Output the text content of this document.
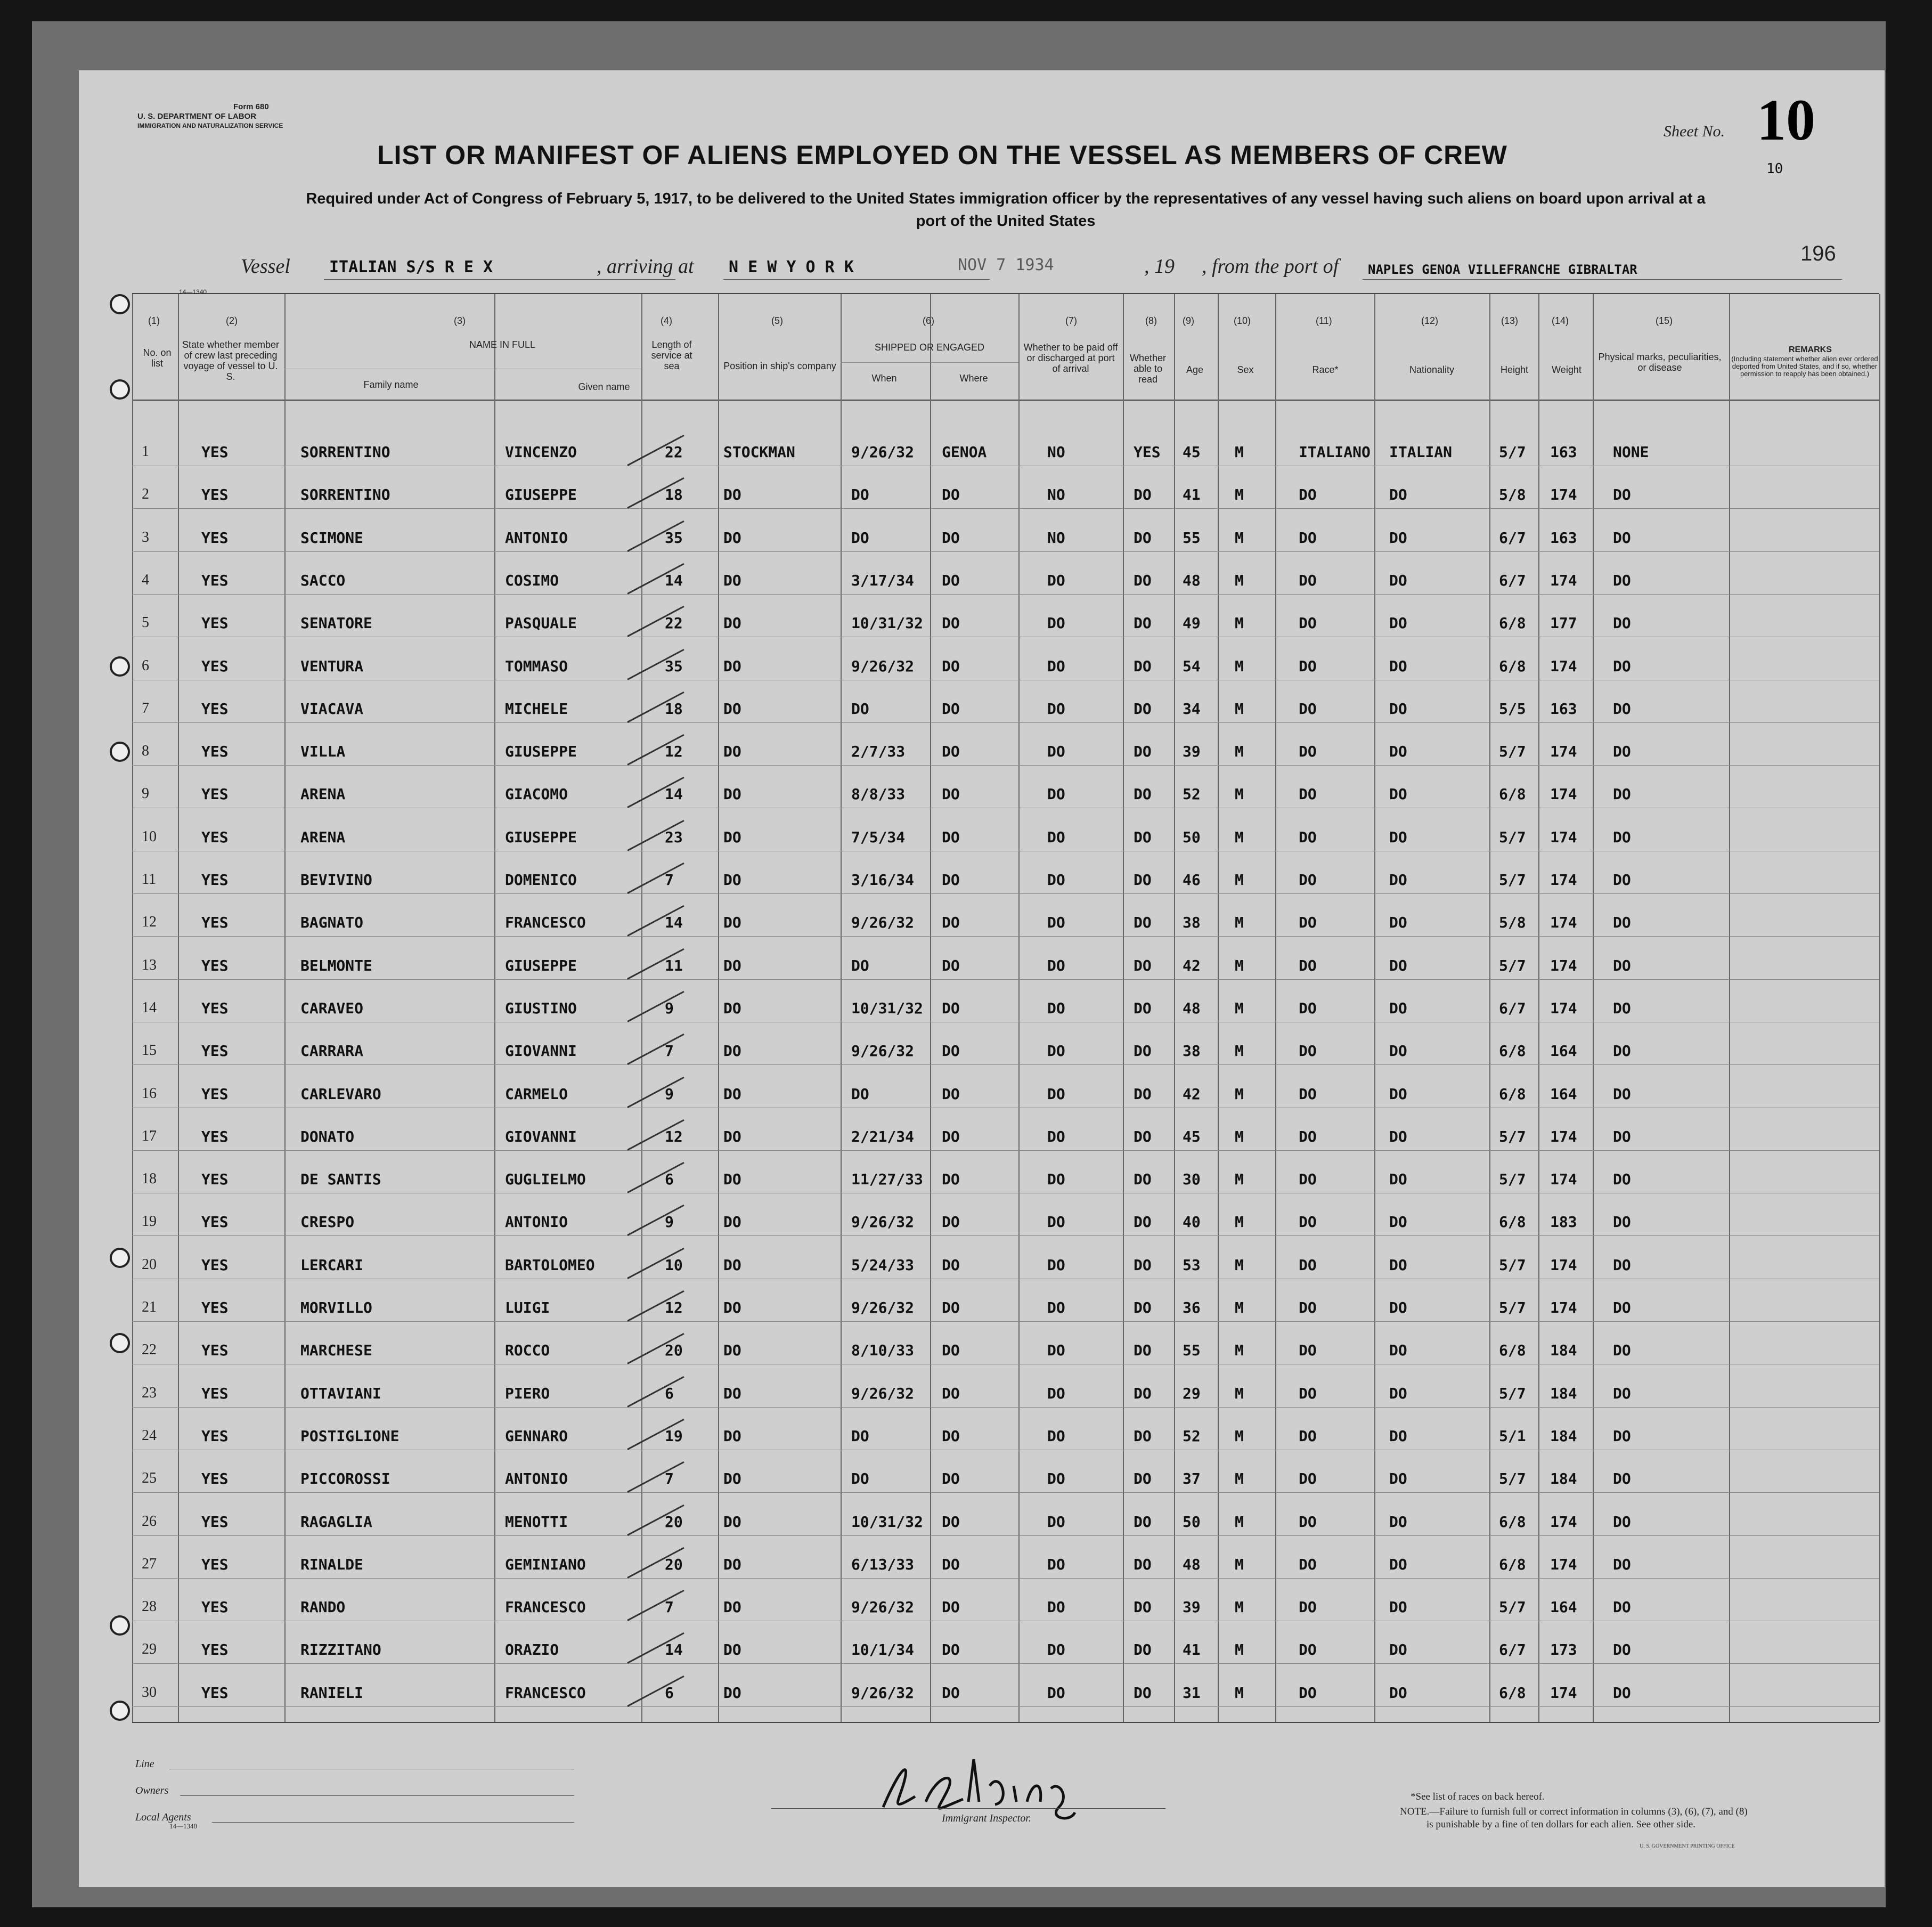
Form 680
U. S. DEPARTMENT OF LABOR
IMMIGRATION AND NATURALIZATION SERVICE	Sheet No. 10
10
LIST OR MANIFEST OF ALIENS EMPLOYED ON THE VESSEL AS MEMBERS OF CREW
Required under Act of Congress of February 5, 1917, to be delivered to the United States immigration officer by the representatives of any vessel having such aliens on board upon arrival at a
port of the United States
Vessel ITALIAN S/S R E X	, arriving at N E W Y O R K	NOV 7 1934	, 19 , from the port of NAPLES GENOA VILLEFRANCHE GIBRALTAR
196
14—1340
(1)
No. on list
(2)
State whether member of crew last preceding voyage of vessel to U. S.
(3)
NAME IN FULL
Family name	Given name
(4)
Length of service at sea
(5)
Position in ship's company
(6)
SHIPPED OR ENGAGED
When	Where
(7)
Whether to be paid off or discharged at port of arrival
(8)
Whether able to read
(9)
Age
(10)
Sex
(11)
Race*
(12)
Nationality
(13)
Height
(14)
Weight
(15)
Physical marks, peculiarities, or disease
REMARKS
(Including statement whether alien ever ordered deported from United States, and if so, whether permission to reapply has been obtained.)
1	YES	SORRENTINO	VINCENZO	22	STOCKMAN	9/26/32 GENOA	NO	YES 45 M	ITALIANO ITALIAN	5/7 163 NONE
2	YES	SORRENTINO	GIUSEPPE	18	DO	DO	DO	NO	DO 41 M	DO	DO	5/8 174 DO
3	YES	SCIMONE	ANTONIO	35	DO	DO	DO	NO	DO 55 M	DO	DO	6/7 163 DO
4	YES	SACCO	COSIMO	14	DO	3/17/34 DO	DO	DO 48 M	DO	DO	6/7 174 DO
5	YES	SENATORE	PASQUALE	22	DO	10/31/32 DO	DO	DO 49 M	DO	DO	6/8 177 DO
6	YES	VENTURA	TOMMASO	35	DO	9/26/32 DO	DO	DO 54 M	DO	DO	6/8 174 DO
7	YES	VIACAVA	MICHELE	18	DO	DO	DO	DO	DO 34 M	DO	DO	5/5 163 DO
8	YES	VILLA	GIUSEPPE	12	DO	2/7/33 DO	DO	DO 39 M	DO	DO	5/7 174 DO
9	YES	ARENA	GIACOMO	14	DO	8/8/33 DO	DO	DO 52 M	DO	DO	6/8 174 DO
10	YES	ARENA	GIUSEPPE	23	DO	7/5/34 DO	DO	DO 50 M	DO	DO	5/7 174 DO
11	YES	BEVIVINO	DOMENICO	7	DO	3/16/34 DO	DO	DO 46 M	DO	DO	5/7 174 DO
12	YES	BAGNATO	FRANCESCO	14	DO	9/26/32 DO	DO	DO 38 M	DO	DO	5/8 174 DO
13	YES	BELMONTE	GIUSEPPE	11	DO	DO	DO	DO	DO 42 M	DO	DO	5/7 174 DO
14	YES	CARAVEO	GIUSTINO	9	DO	10/31/32 DO	DO	DO 48 M	DO	DO	6/7 174 DO
15	YES	CARRARA	GIOVANNI	7	DO	9/26/32 DO	DO	DO 38 M	DO	DO	6/8 164 DO
16	YES	CARLEVARO	CARMELO	9	DO	DO	DO	DO	DO 42 M	DO	DO	6/8 164 DO
17	YES	DONATO	GIOVANNI	12	DO	2/21/34 DO	DO	DO 45 M	DO	DO	5/7 174 DO
18	YES	DE SANTIS	GUGLIELMO	6	DO	11/27/33 DO	DO	DO 30 M	DO	DO	5/7 174 DO
19	YES	CRESPO	ANTONIO	9	DO	9/26/32 DO	DO	DO 40 M	DO	DO	6/8 183 DO
20	YES	LERCARI	BARTOLOMEO	10	DO	5/24/33 DO	DO	DO 53 M	DO	DO	5/7 174 DO
21	YES	MORVILLO	LUIGI	12	DO	9/26/32 DO	DO	DO 36 M	DO	DO	5/7 174 DO
22	YES	MARCHESE	ROCCO	20	DO	8/10/33 DO	DO	DO 55 M	DO	DO	6/8 184 DO
23	YES	OTTAVIANI	PIERO	6	DO	9/26/32 DO	DO	DO 29 M	DO	DO	5/7 184 DO
24	YES	POSTIGLIONE	GENNARO	19	DO	DO	DO	DO	DO 52 M	DO	DO	5/1 184 DO
25	YES	PICCOROSSI	ANTONIO	7	DO	DO	DO	DO	DO 37 M	DO	DO	5/7 184 DO
26	YES	RAGAGLIA	MENOTTI	20	DO	10/31/32 DO	DO	DO 50 M	DO	DO	6/8 174 DO
27	YES	RINALDE	GEMINIANO	20	DO	6/13/33 DO	DO	DO 48 M	DO	DO	6/8 174 DO
28	YES	RANDO	FRANCESCO	7	DO	9/26/32 DO	DO	DO 39 M	DO	DO	5/7 164 DO
29	YES	RIZZITANO	ORAZIO	14	DO	10/1/34 DO	DO	DO 41 M	DO	DO	6/7 173 DO
30	YES	RANIELI	FRANCESCO	6	DO	9/26/32 DO	DO	DO 31 M	DO	DO	6/8 174 DO
Line
Owners
Local Agents
14—1340
Immigrant Inspector.
*See list of races on back hereof.
NOTE.—Failure to furnish full or correct information in columns (3), (6), (7), and (8)
is punishable by a fine of ten dollars for each alien. See other side.
U. S. GOVERNMENT PRINTING OFFICE
